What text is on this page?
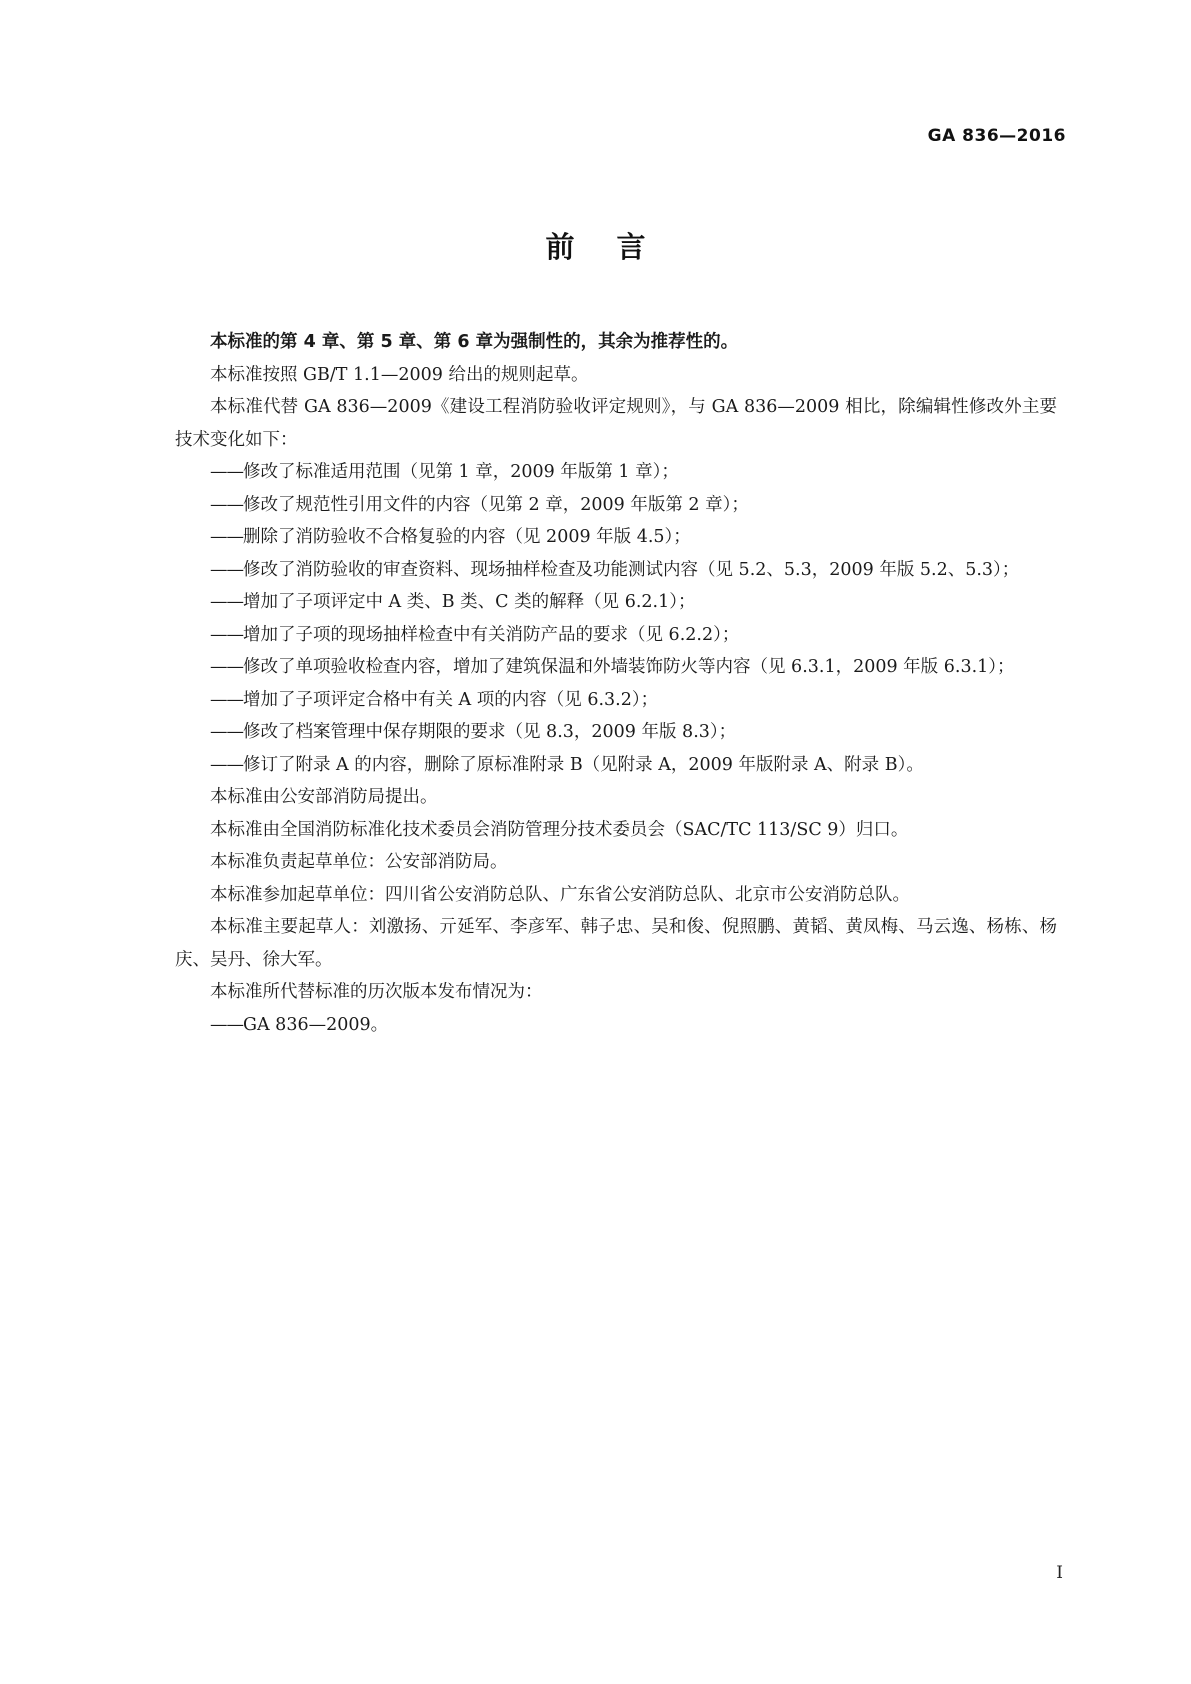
GA 836—2016
前言

本标准的第 4 章、第 5 章、第 6 章为强制性的，其余为推荐性的。

本标准按照 GB/T 1.1—2009 给出的规则起草。

本标准代替 GA 836—2009《建设工程消防验收评定规则》，与 GA 836—2009 相比，除编辑性修改外主要技术变化如下：

——修改了标准适用范围（见第 1 章，2009 年版第 1 章）；
——修改了规范性引用文件的内容（见第 2 章，2009 年版第 2 章）；
——删除了消防验收不合格复验的内容（见 2009 年版 4.5）；
——修改了消防验收的审查资料、现场抽样检查及功能测试内容（见 5.2、5.3，2009 年版 5.2、5.3）；
——增加了子项评定中 A 类、B 类、C 类的解释（见 6.2.1）；
——增加了子项的现场抽样检查中有关消防产品的要求（见 6.2.2）；
——修改了单项验收检查内容，增加了建筑保温和外墙装饰防火等内容（见 6.3.1，2009 年版 6.3.1）；
——增加了子项评定合格中有关 A 项的内容（见 6.3.2）；
——修改了档案管理中保存期限的要求（见 8.3，2009 年版 8.3）；
——修订了附录 A 的内容，删除了原标准附录 B（见附录 A，2009 年版附录 A、附录 B）。

本标准由公安部消防局提出。

本标准由全国消防标准化技术委员会消防管理分技术委员会（SAC/TC 113/SC 9）归口。

本标准负责起草单位：公安部消防局。

本标准参加起草单位：四川省公安消防总队、广东省公安消防总队、北京市公安消防总队。

本标准主要起草人：刘激扬、亓延军、李彦军、韩子忠、吴和俊、倪照鹏、黄韬、黄凤梅、马云逸、杨栋、杨庆、吴丹、徐大军。

本标准所代替标准的历次版本发布情况为：

——GA 836—2009。
I
